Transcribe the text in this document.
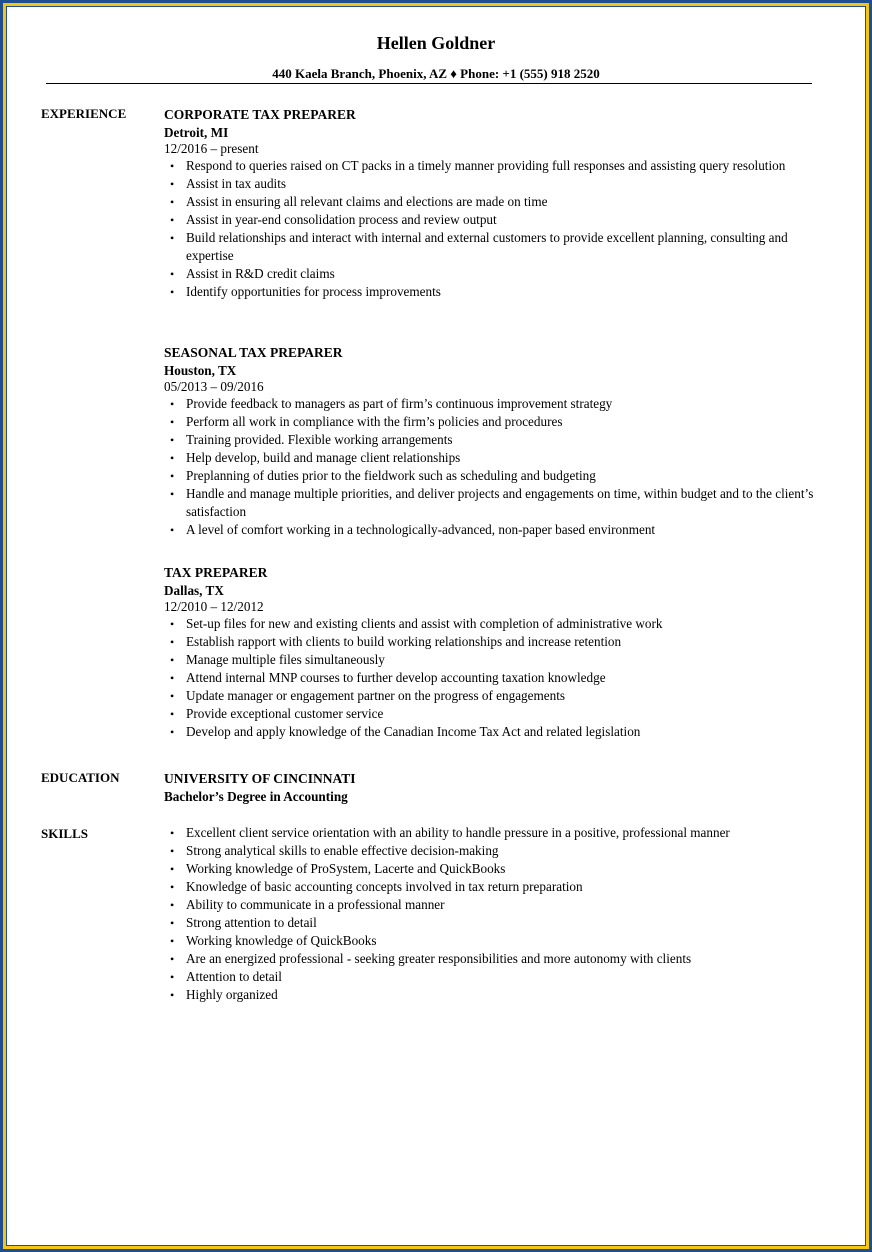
Hellen Goldner
440 Kaela Branch, Phoenix, AZ ♦ Phone: +1 (555) 918 2520
EXPERIENCE	CORPORATE TAX PREPARER
Detroit, MI
12/2016 – present
• Respond to queries raised on CT packs in a timely manner providing full responses and assisting query resolution
• Assist in tax audits
• Assist in ensuring all relevant claims and elections are made on time
• Assist in year-end consolidation process and review output
• Build relationships and interact with internal and external customers to provide excellent planning, consulting and expertise
• Assist in R&D credit claims
• Identify opportunities for process improvements
SEASONAL TAX PREPARER
Houston, TX
05/2013 – 09/2016
• Provide feedback to managers as part of firm’s continuous improvement strategy
• Perform all work in compliance with the firm’s policies and procedures
• Training provided. Flexible working arrangements
• Help develop, build and manage client relationships
• Preplanning of duties prior to the fieldwork such as scheduling and budgeting
• Handle and manage multiple priorities, and deliver projects and engagements on time, within budget and to the client’s satisfaction
• A level of comfort working in a technologically-advanced, non-paper based environment
TAX PREPARER
Dallas, TX
12/2010 – 12/2012
• Set-up files for new and existing clients and assist with completion of administrative work
• Establish rapport with clients to build working relationships and increase retention
• Manage multiple files simultaneously
• Attend internal MNP courses to further develop accounting taxation knowledge
• Update manager or engagement partner on the progress of engagements
• Provide exceptional customer service
• Develop and apply knowledge of the Canadian Income Tax Act and related legislation
EDUCATION	UNIVERSITY OF CINCINNATI
Bachelor’s Degree in Accounting
SKILLS
•	Excellent client service orientation with an ability to handle pressure in a positive, professional manner
• Strong analytical skills to enable effective decision-making
• Working knowledge of ProSystem, Lacerte and QuickBooks
• Knowledge of basic accounting concepts involved in tax return preparation
• Ability to communicate in a professional manner
• Strong attention to detail
• Working knowledge of QuickBooks
• Are an energized professional - seeking greater responsibilities and more autonomy with clients
• Attention to detail
• Highly organized
